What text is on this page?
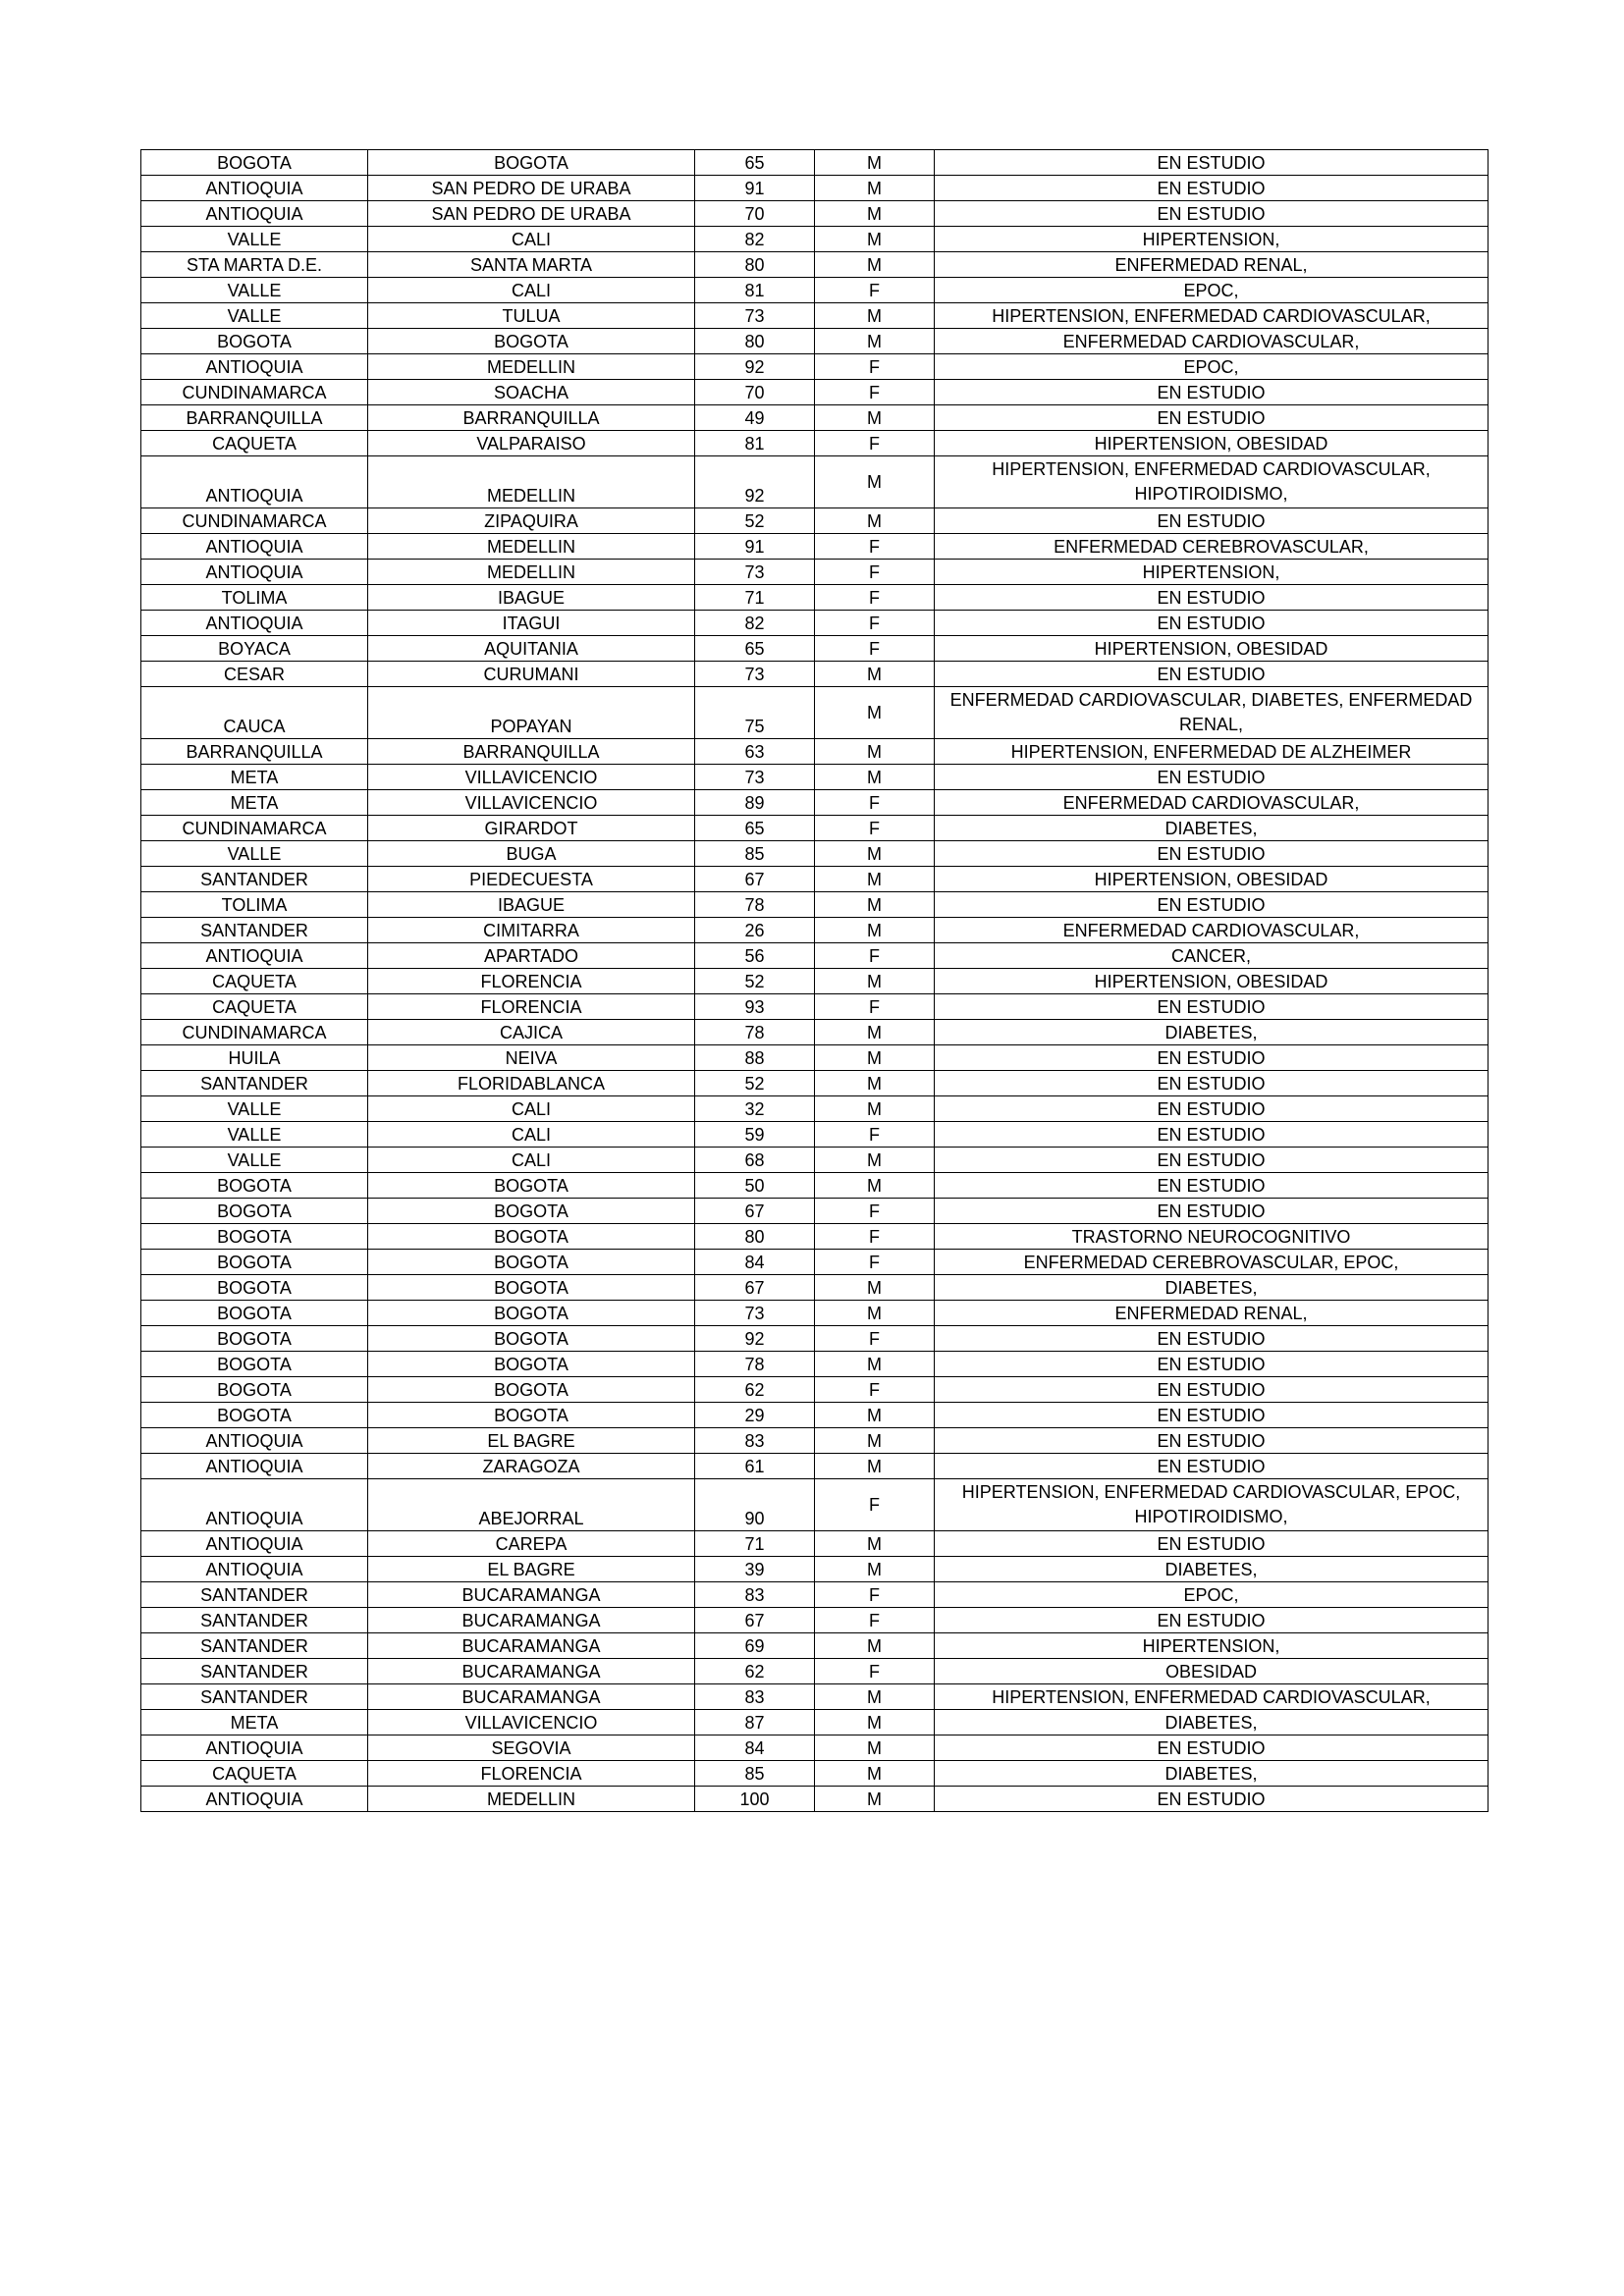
BOGOTA	BOGOTA	65	M	EN ESTUDIO
ANTIOQUIA	SAN PEDRO DE URABA	91	M	EN ESTUDIO
ANTIOQUIA	SAN PEDRO DE URABA	70	M	EN ESTUDIO
VALLE	CALI	82	M	HIPERTENSION,
STA MARTA D.E.	SANTA MARTA	80	M	ENFERMEDAD RENAL,
VALLE	CALI	81	F	EPOC,
VALLE	TULUA	73	M	HIPERTENSION, ENFERMEDAD CARDIOVASCULAR,
BOGOTA	BOGOTA	80	M	ENFERMEDAD CARDIOVASCULAR,
ANTIOQUIA	MEDELLIN	92	F	EPOC,
CUNDINAMARCA	SOACHA	70	F	EN ESTUDIO
BARRANQUILLA	BARRANQUILLA	49	M	EN ESTUDIO
CAQUETA	VALPARAISO	81	F	HIPERTENSION, OBESIDAD
ANTIOQUIA	MEDELLIN	92	M	HIPERTENSION, ENFERMEDAD CARDIOVASCULAR, HIPOTIROIDISMO,
CUNDINAMARCA	ZIPAQUIRA	52	M	EN ESTUDIO
ANTIOQUIA	MEDELLIN	91	F	ENFERMEDAD CEREBROVASCULAR,
ANTIOQUIA	MEDELLIN	73	F	HIPERTENSION,
TOLIMA	IBAGUE	71	F	EN ESTUDIO
ANTIOQUIA	ITAGUI	82	F	EN ESTUDIO
BOYACA	AQUITANIA	65	F	HIPERTENSION, OBESIDAD
CESAR	CURUMANI	73	M	EN ESTUDIO
CAUCA	POPAYAN	75	M	ENFERMEDAD CARDIOVASCULAR, DIABETES, ENFERMEDAD RENAL,
BARRANQUILLA	BARRANQUILLA	63	M	HIPERTENSION, ENFERMEDAD DE ALZHEIMER
META	VILLAVICENCIO	73	M	EN ESTUDIO
META	VILLAVICENCIO	89	F	ENFERMEDAD CARDIOVASCULAR,
CUNDINAMARCA	GIRARDOT	65	F	DIABETES,
VALLE	BUGA	85	M	EN ESTUDIO
SANTANDER	PIEDECUESTA	67	M	HIPERTENSION, OBESIDAD
TOLIMA	IBAGUE	78	M	EN ESTUDIO
SANTANDER	CIMITARRA	26	M	ENFERMEDAD CARDIOVASCULAR,
ANTIOQUIA	APARTADO	56	F	CANCER,
CAQUETA	FLORENCIA	52	M	HIPERTENSION, OBESIDAD
CAQUETA	FLORENCIA	93	F	EN ESTUDIO
CUNDINAMARCA	CAJICA	78	M	DIABETES,
HUILA	NEIVA	88	M	EN ESTUDIO
SANTANDER	FLORIDABLANCA	52	M	EN ESTUDIO
VALLE	CALI	32	M	EN ESTUDIO
VALLE	CALI	59	F	EN ESTUDIO
VALLE	CALI	68	M	EN ESTUDIO
BOGOTA	BOGOTA	50	M	EN ESTUDIO
BOGOTA	BOGOTA	67	F	EN ESTUDIO
BOGOTA	BOGOTA	80	F	TRASTORNO NEUROCOGNITIVO
BOGOTA	BOGOTA	84	F	ENFERMEDAD CEREBROVASCULAR, EPOC,
BOGOTA	BOGOTA	67	M	DIABETES,
BOGOTA	BOGOTA	73	M	ENFERMEDAD RENAL,
BOGOTA	BOGOTA	92	F	EN ESTUDIO
BOGOTA	BOGOTA	78	M	EN ESTUDIO
BOGOTA	BOGOTA	62	F	EN ESTUDIO
BOGOTA	BOGOTA	29	M	EN ESTUDIO
ANTIOQUIA	EL BAGRE	83	M	EN ESTUDIO
ANTIOQUIA	ZARAGOZA	61	M	EN ESTUDIO
ANTIOQUIA	ABEJORRAL	90	F	HIPERTENSION, ENFERMEDAD CARDIOVASCULAR, EPOC, HIPOTIROIDISMO,
ANTIOQUIA	CAREPA	71	M	EN ESTUDIO
ANTIOQUIA	EL BAGRE	39	M	DIABETES,
SANTANDER	BUCARAMANGA	83	F	EPOC,
SANTANDER	BUCARAMANGA	67	F	EN ESTUDIO
SANTANDER	BUCARAMANGA	69	M	HIPERTENSION,
SANTANDER	BUCARAMANGA	62	F	OBESIDAD
SANTANDER	BUCARAMANGA	83	M	HIPERTENSION, ENFERMEDAD CARDIOVASCULAR,
META	VILLAVICENCIO	87	M	DIABETES,
ANTIOQUIA	SEGOVIA	84	M	EN ESTUDIO
CAQUETA	FLORENCIA	85	M	DIABETES,
ANTIOQUIA	MEDELLIN	100	M	EN ESTUDIO
